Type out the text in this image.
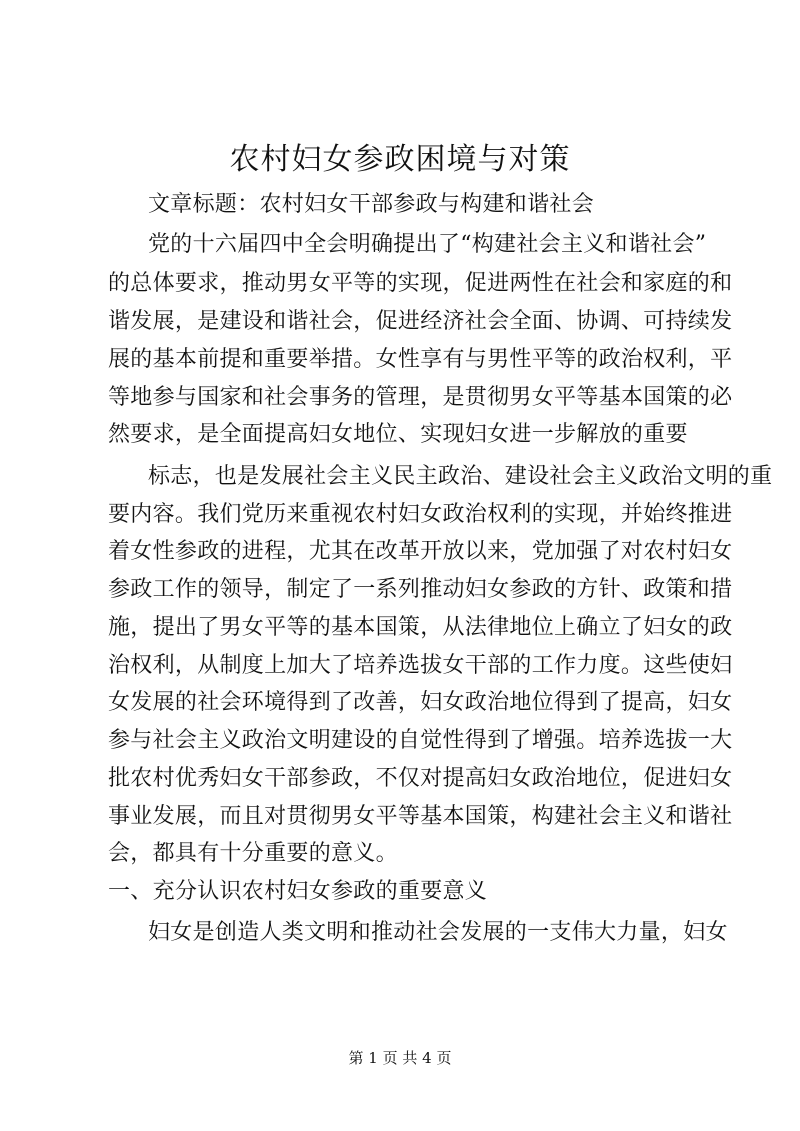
农村妇女参政困境与对策
文章标题：农村妇女干部参政与构建和谐社会
党的十六届四中全会明确提出了“构建社会主义和谐社会”
的总体要求，推动男女平等的实现，促进两性在社会和家庭的和
谐发展，是建设和谐社会，促进经济社会全面、协调、可持续发
展的基本前提和重要举措。女性享有与男性平等的政治权利，平
等地参与国家和社会事务的管理，是贯彻男女平等基本国策的必
然要求，是全面提高妇女地位、实现妇女进一步解放的重要
标志，也是发展社会主义民主政治、建设社会主义政治文明的重
要内容。我们党历来重视农村妇女政治权利的实现，并始终推进
着女性参政的进程，尤其在改革开放以来，党加强了对农村妇女
参政工作的领导，制定了一系列推动妇女参政的方针、政策和措
施，提出了男女平等的基本国策，从法律地位上确立了妇女的政
治权利，从制度上加大了培养选拔女干部的工作力度。这些使妇
女发展的社会环境得到了改善，妇女政治地位得到了提高，妇女
参与社会主义政治文明建设的自觉性得到了增强。培养选拔一大
批农村优秀妇女干部参政，不仅对提高妇女政治地位，促进妇女
事业发展，而且对贯彻男女平等基本国策，构建社会主义和谐社
会，都具有十分重要的意义。
一、充分认识农村妇女参政的重要意义
妇女是创造人类文明和推动社会发展的一支伟大力量，妇女
第 1 页 共 4 页
